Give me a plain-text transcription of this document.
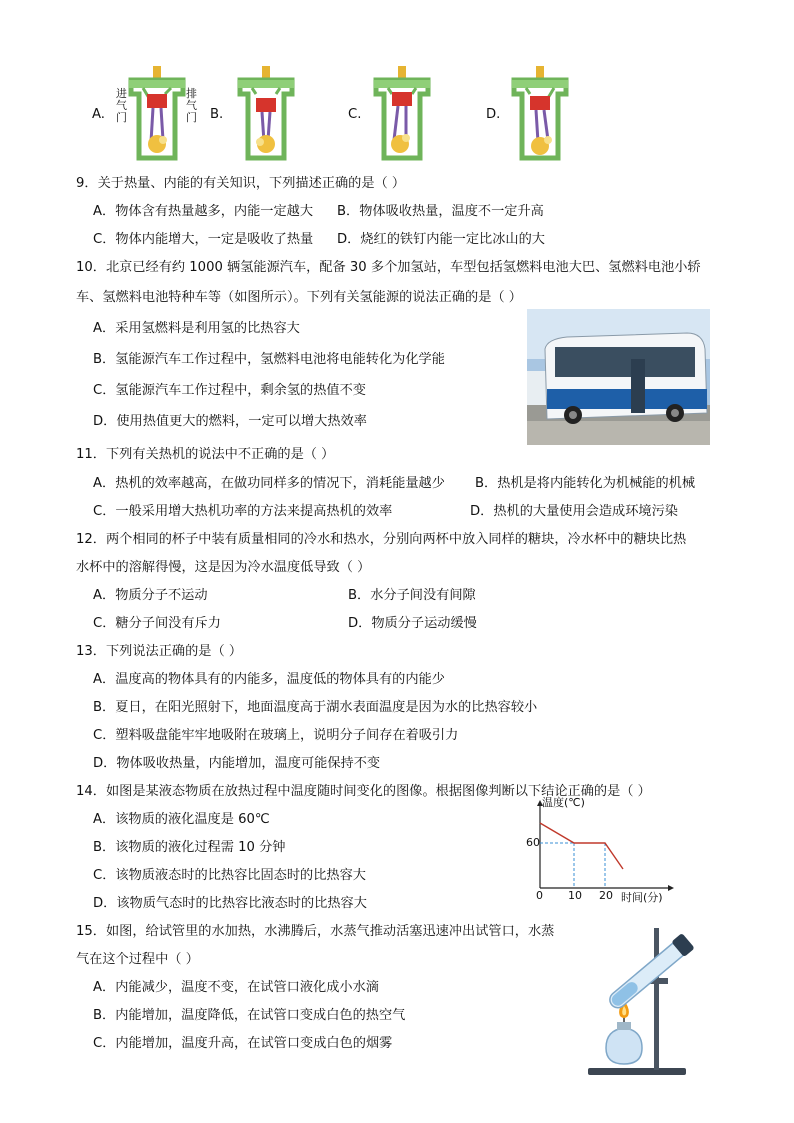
A.	B.	C.	D.
进
气
门
排
气
门
9．关于热量、内能的有关知识，下列描述正确的是（ ）
A．物体含有热量越多，内能一定越大 B．物体吸收热量，温度不一定升高
C．物体内能增大，一定是吸收了热量 D．烧红的铁钉内能一定比冰山的大
10．北京已经有约 1000 辆氢能源汽车，配备 30 多个加氢站，车型包括氢燃料电池大巴、氢燃料电池小轿
车、氢燃料电池特种车等（如图所示）。下列有关氢能源的说法正确的是（ ）
A．采用氢燃料是利用氢的比热容大
B．氢能源汽车工作过程中，氢燃料电池将电能转化为化学能
C．氢能源汽车工作过程中，剩余氢的热值不变
D．使用热值更大的燃料，一定可以增大热效率
11．下列有关热机的说法中不正确的是（ ）
A．热机的效率越高，在做功同样多的情况下，消耗能量越少 B．热机是将内能转化为机械能的机械
C．一般采用增大热机功率的方法来提高热机的效率	D．热机的大量使用会造成环境污染
12．两个相同的杯子中装有质量相同的冷水和热水，分别向两杯中放入同样的糖块，冷水杯中的糖块比热
水杯中的溶解得慢，这是因为冷水温度低导致（ ）
A．物质分子不运动	B．水分子间没有间隙
C．糖分子间没有斥力	D．物质分子运动缓慢
13．下列说法正确的是（ ）
A．温度高的物体具有的内能多，温度低的物体具有的内能少
B．夏日，在阳光照射下，地面温度高于湖水表面温度是因为水的比热容较小
C．塑料吸盘能牢牢地吸附在玻璃上，说明分子间存在着吸引力
D．物体吸收热量，内能增加，温度可能保持不变
14．如图是某液态物质在放热过程中温度随时间变化的图像。根据图像判断以下结论正确的是（ ）
A．该物质的液化温度是 60℃
B．该物质的液化过程需 10 分钟
C．该物质液态时的比热容比固态时的比热容大
D．该物质气态时的比热容比液态时的比热容大
温度(℃)
60
0 10 20 时间(分)
15．如图，给试管里的水加热，水沸腾后，水蒸气推动活塞迅速冲出试管口，水蒸
气在这个过程中（ ）
A．内能减少，温度不变，在试管口液化成小水滴
B．内能增加，温度降低，在试管口变成白色的热空气
C．内能增加，温度升高，在试管口变成白色的烟雾
